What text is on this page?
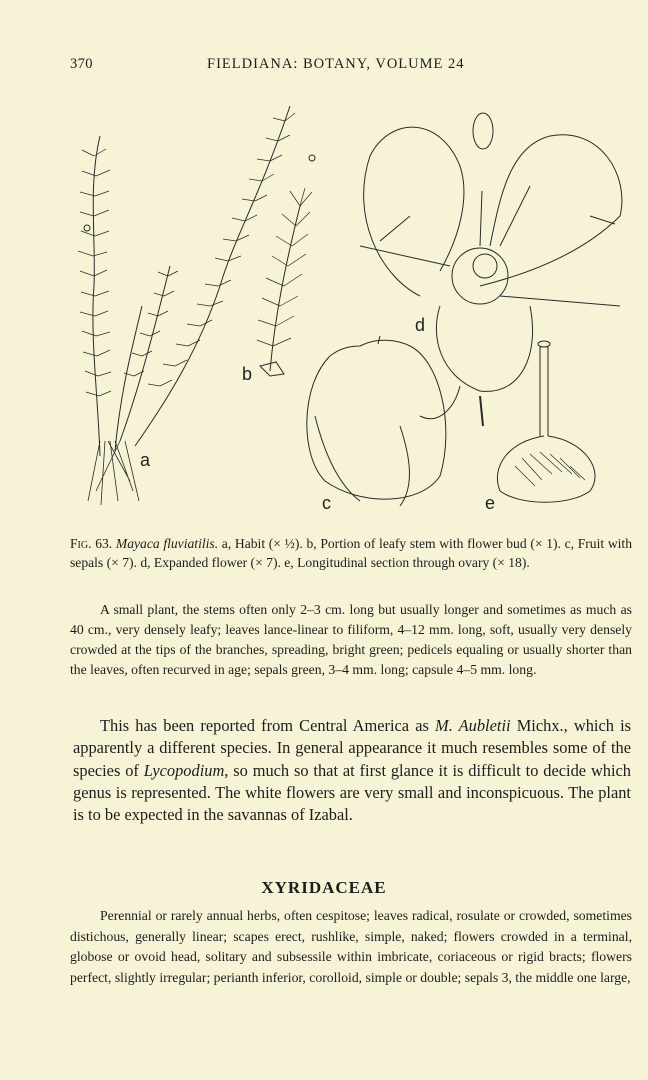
370	FIELDIANA: BOTANY, VOLUME 24
a
b
c
d
e
Fig. 63. Mayaca fluviatilis. a, Habit (× ½). b, Portion of leafy stem with flower bud (× 1). c, Fruit with sepals (× 7). d, Expanded flower (× 7). e, Longitudinal section through ovary (× 18).
A small plant, the stems often only 2–3 cm. long but usually longer and sometimes as much as 40 cm., very densely leafy; leaves lance-linear to filiform, 4–12 mm. long, soft, usually very densely crowded at the tips of the branches, spreading, bright green; pedicels equaling or usually shorter than the leaves, often recurved in age; sepals green, 3–4 mm. long; capsule 4–5 mm. long.
This has been reported from Central America as M. Aubletii Michx., which is apparently a different species. In general appearance it much resembles some of the species of Lycopodium, so much so that at first glance it is difficult to decide which genus is represented. The white flowers are very small and inconspicuous. The plant is to be expected in the savannas of Izabal.
XYRIDACEAE
Perennial or rarely annual herbs, often cespitose; leaves radical, rosulate or crowded, sometimes distichous, generally linear; scapes erect, rushlike, simple, naked; flowers crowded in a terminal, globose or ovoid head, solitary and subsessile within imbricate, coriaceous or rigid bracts; flowers perfect, slightly irregular; perianth inferior, corolloid, simple or double; sepals 3, the middle one large,
